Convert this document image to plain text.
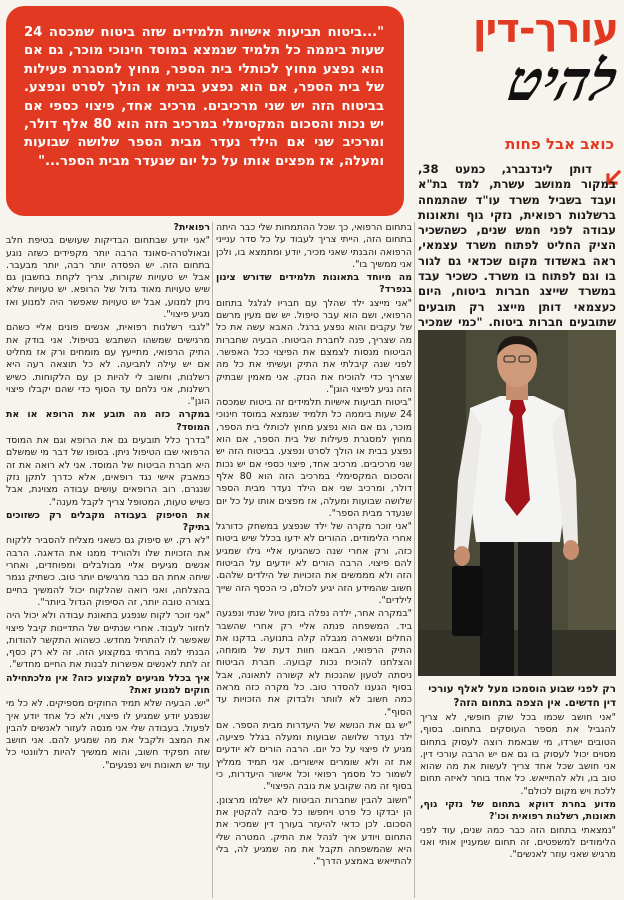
"...ביטוח תביעות אישיות תלמידים שזה ביטוח שמכסה 24 שעות ביממה כל תלמיד שנמצא במוסד חינוכי מוכר, גם אם הוא נפצע מחוץ לכותלי בית הספר, מחוץ למסגרת פעילות של בית הספר, אם הוא נפצע בבית או הולך לסרט ונפצע. בביטוח הזה יש שני מרכיבים. מרכיב אחד, פיצוי כספי אם יש נכות והסכום המקסימלי במרכיב הזה הוא 80 אלף דולר, ומרכיב שני אם הילד נעדר מבית הספר שלושה שבועות ומעלה, אז מפצים אותו על כל יום שנעדר מבית הספר..."

עורך-דין
להיט
כואב אבל פחות
דותן לינדנברג, כמעט 38, במקור ממושב עשרת, למד בת"א ועבד בשביל משרד עו"ד שהתמחה ברשלנות רפואית, נזקי גוף ותאונות עבודה לפני חמש שנים, כשהשכיר הציק החליט לפתוח משרד עצמאי, ראה באשדוד מקום שכדאי גם לגור בו וגם לפתוח בו משרד. כשכיר עבד במשרד שייצג חברות ביטוח, היום כעצמאי דותן מייצג רק תובעים שתובעים חברות ביטוח. "כמי שמכיר
רק לפני שבוע הוסמכו מעל לאלף עורכי דין חדשים. אין הצפה בתחום הזה?

"אני חושב שכמו בכל שוק חופשי, לא צריך להגביל את מספר העוסקים בתחום. בסוף, הטובים ישרדו, מי שבאמת רוצה לעסוק בתחום מסוים יכול לעסוק בו גם אם יש הרבה עורכי דין. אני חושב שכל אחד צריך לעשות את מה שהוא טוב בו, ולא להתייאש. כל אחד בוחר לאיזה תחום ללכת ויש מקום לכולם".

מדוע בחרת דווקא בתחום של נזקי גוף, תאונות, רשלנות רפואית וכו'?

"נמצאתי בתחום הזה כבר כמה שנים, עוד לפני הלימודים למשפטים. זה תחום שמעניין אותי ואני מרגיש שאני עוזר לאנשים".

בתחום הרפואי, כך שכל ההתמחות שלי כבר היתה בתחום הזה, הייתי צריך לעבוד על כל סדר ענייני הרפואה והבנתי שאני מכיר, יודע ומתמצא בו, ולכן אני ממשיך בו".

מה מיוחד בתאונות תלמידים שדורש צינון בנפרד?

"אני מייצג ילד שהלך עם חבריו לגלגל בתחום הרפואי, ושם הוא עבר טיפול. יש שם מעין מרשם של עקבים והוא נפצע ברגל. האבא עשה את כל מה שצריך, פנה לחברת הביטוח. הבעיה שחברות הביטוח מנסות לצמצם את הפיצוי ככל האפשר. לפני שנה קיבלתי את התיק ועשיתי את כל מה שצריך כדי להוכיח את הנזק. אני מאמין שבתיק הזה נגיע לפיצוי הוגן".

"ביטוח תביעות אישיות תלמידים זה ביטוח שמכסה 24 שעות ביממה כל תלמיד שנמצא במוסד חינוכי מוכר, גם אם הוא נפצע מחוץ לכותלי בית הספר, מחוץ למסגרת פעילות של בית הספר, אם הוא נפצע בבית או הולך לסרט ונפצע. בביטוח הזה יש שני מרכיבים. מרכיב אחד, פיצוי כספי אם יש נכות והסכום המקסימלי במרכיב הזה הוא 80 אלף דולר, ומרכיב שני אם הילד נעדר מבית הספר שלושה שבועות ומעלה, אז מפצים אותו על כל יום שנעדר מבית הספר".

"אני זוכר מקרה של ילד שנפצע במשחק כדורגל אחרי הלימודים. ההורים לא ידעו בכלל שיש ביטוח כזה, ורק אחרי שנה כשהגיעו אליי גילו שמגיע להם פיצוי. הרבה הורים לא יודעים על הביטוח הזה ולא מממשים את הזכויות של הילדים שלהם. חשוב שהמידע הזה יגיע לכולם, כי הכסף הזה שייך לילדים".

"במקרה אחר, ילדה נפלה בזמן טיול שנתי ונפגעה ביד. המשפחה פנתה אליי רק אחרי שהשבר החלים ונשארה מגבלה קלה בתנועה. בדקנו את התיק הרפואי, הבאנו חוות דעת של מומחה, והצלחנו להוכיח נכות קבועה. חברת הביטוח ניסתה לטעון שהנכות לא קשורה לתאונה, אבל בסוף הגענו להסדר טוב. כל מקרה כזה מראה כמה חשוב לא לוותר ולבדוק את הזכויות עד הסוף".

"יש גם את הנושא של היעדרות מבית הספר. אם ילד נעדר שלושה שבועות ומעלה בגלל פציעה, מגיע לו פיצוי על כל יום. הרבה הורים לא יודעים את זה ולא שומרים אישורים. אני תמיד ממליץ לשמור כל מסמך רפואי וכל אישור היעדרות, כי בסוף זה מה שקובע את גובה הפיצוי".

"חשוב להבין שחברות הביטוח לא ישלמו מרצונן. הן יבדקו כל פרט ויחפשו כל סיבה להקטין את הסכום. לכן כדאי להיעזר בעורך דין שמכיר את התחום ויודע איך לנהל את התיק. המטרה שלי היא שהמשפחה תקבל את מה שמגיע לה, בלי להתייאש באמצע הדרך".

רפואית?

"אני יודע שבתחום הבדיקות שעושים בטיפת חלב ובאולטרה-סאונד הרבה יותר מקפידים כשזה נוגע בתחום הזה. יש הפסדה יותר רבה, יותר מבעבר. אבל יש טעויות שקורות, צריך לקחת בחשבון גם שיש טעויות מאוד גדול של הרופא. יש טעויות שלא ניתן למנוע, אבל יש טעויות שאפשר היה למנוע ואז מגיע פיצוי".

"לגבי רשלנות רפואית, אנשים פונים אליי כשהם מרגישים שמשהו השתבש בטיפול. אני בודק את התיק הרפואי, מתייעץ עם מומחים ורק אז מחליט אם יש עילה לתביעה. לא כל תוצאה רעה היא רשלנות, וחשוב לי להיות כן עם הלקוחות. כשיש רשלנות, אני נלחם עד הסוף כדי שהם יקבלו פיצוי הוגן".

במקרה כזה מה תובע את הרופא או את המוסד?

"בדרך כלל תובעים גם את הרופא וגם את המוסד הרפואי שבו הטיפול ניתן. בסופו של דבר מי שמשלם היא חברת הביטוח של המוסד. אני לא רואה את זה כמאבק אישי נגד רופאים, אלא כדרך לתקן נזק שנגרם. רוב הרופאים עושים עבודה מצוינת, אבל כשיש טעות, המטופל צריך לקבל מענה".

את הסיפוק בעבודה מקבלים רק כשזוכים בתיק?

"לא רק. יש סיפוק גם כשאני מצליח להסביר ללקוח את הזכויות שלו ולהוריד ממנו את הדאגה. הרבה אנשים מגיעים אליי מבולבלים ומפוחדים, ואחרי שיחה אחת הם כבר מרגישים יותר טוב. כשתיק נגמר בהצלחה, ואני רואה שהלקוח יכול להמשיך בחיים בצורה טובה יותר, זה הסיפוק הגדול ביותר".

"אני זוכר לקוח שנפגע בתאונת עבודה ולא יכול היה לחזור לעבוד. אחרי שנתיים של התדיינות קיבל פיצוי שאפשר לו להתחיל מחדש. כשהוא התקשר להודות, הבנתי למה בחרתי במקצוע הזה. זה לא רק כסף, זה לתת לאנשים אפשרות לבנות את החיים מחדש".

איך בכלל מגיעים למקצוע כזה? אין מלכתחילה חוקים למנוע זאת?

"יש. הבעיה שלא תמיד החוקים מספיקים. לא כל מי שנפגע יודע שמגיע לו פיצוי, ולא כל אחד יודע איך לפעול. בעבודה שלי אני מנסה לעזור לאנשים להבין את המצב ולקבל את מה שמגיע להם. אני חושב שזה תפקיד חשוב, והוא ממשיך להיות רלוונטי כל עוד יש תאונות ויש נפגעים".
